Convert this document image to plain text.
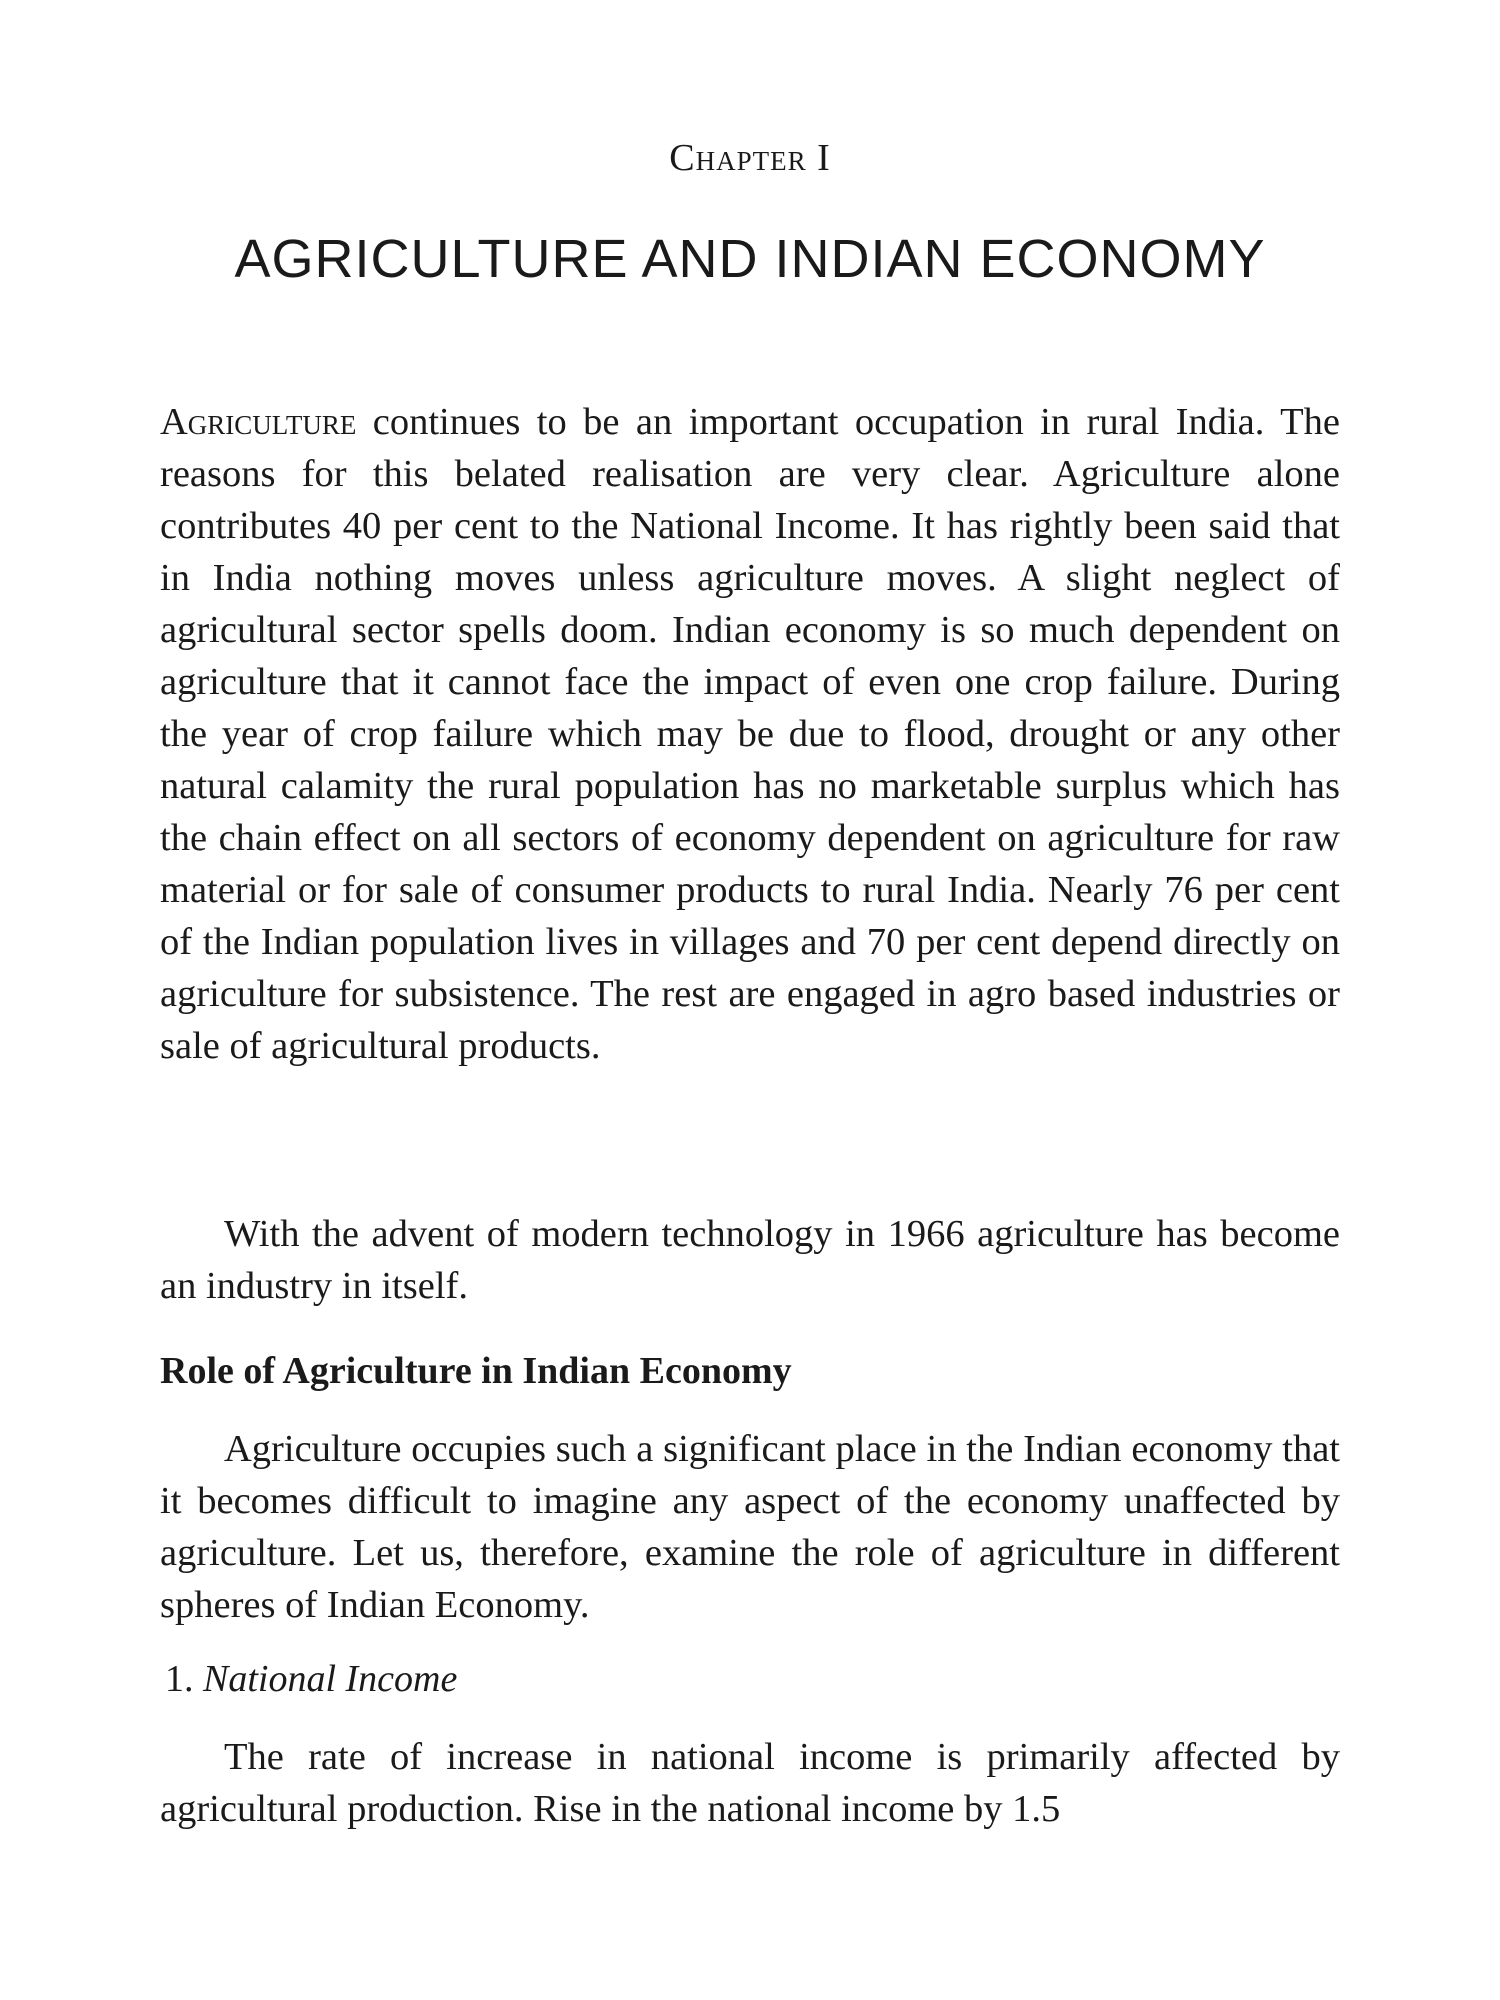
Chapter I
AGRICULTURE AND INDIAN ECONOMY

Agriculture continues to be an important occupation in rural India. The reasons for this belated realisation are very clear. Agriculture alone contributes 40 per cent to the National Income. It has rightly been said that in India nothing moves unless agriculture moves. A slight neglect of agricultural sector spells doom. Indian economy is so much dependent on agriculture that it cannot face the impact of even one crop failure. During the year of crop failure which may be due to flood, drought or any other natural calamity the rural population has no marketable surplus which has the chain effect on all sectors of economy dependent on agriculture for raw material or for sale of consumer products to rural India. Nearly 76 per cent of the Indian population lives in villages and 70 per cent depend directly on agriculture for subsistence. The rest are engaged in agro based industries or sale of agricultural products.

With the advent of modern technology in 1966 agriculture has become an industry in itself.

Role of Agriculture in Indian Economy

Agriculture occupies such a significant place in the Indian economy that it becomes difficult to imagine any aspect of the economy unaffected by agriculture. Let us, therefore, examine the role of agriculture in different spheres of Indian Economy.

1. National Income

The rate of increase in national income is primarily affected by agricultural production. Rise in the national income by 1.5
